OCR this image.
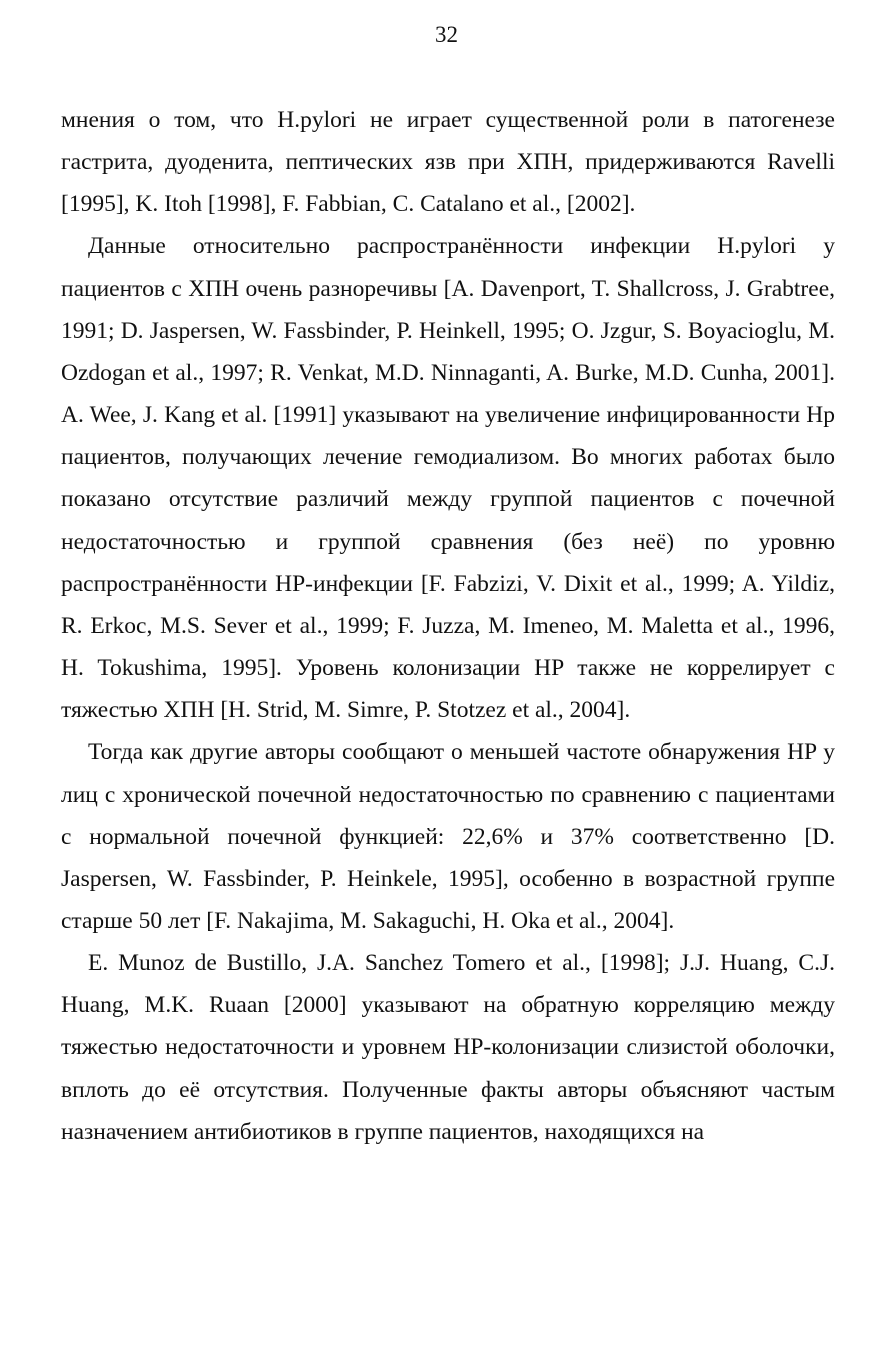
32

мнения о том, что H.pylori не играет существенной роли в патогенезе гастрита, дуоденита, пептических язв при ХПН, придерживаются Ravelli [1995], K. Itoh [1998], F. Fabbian, C. Catalano et al., [2002].

Данные относительно распространённости инфекции H.pylori у пациентов с ХПН очень разноречивы [A. Davenport, T. Shallcross, J. Grabtree, 1991; D. Jaspersen, W. Fassbinder, P. Heinkell, 1995; O. Jzgur, S. Boyacioglu, M. Ozdogan et al., 1997; R. Venkat, M.D. Ninnaganti, A. Burke, M.D. Cunha, 2001]. A. Wee, J. Kang et al. [1991] указывают на увеличение инфицированности Hp пациентов, получающих лечение гемодиализом. Во многих работах было показано отсутствие различий между группой пациентов с почечной недостаточностью и группой сравнения (без неё) по уровню распространённости HP-инфекции [F. Fabzizi, V. Dixit et al., 1999; A. Yildiz, R. Erkoc, M.S. Sever et al., 1999; F. Juzza, M. Imeneo, M. Maletta et al., 1996, H. Tokushima, 1995]. Уровень колонизации HP также не коррелирует с тяжестью ХПН [H. Strid, M. Simre, P. Stotzez et al., 2004].

Тогда как другие авторы сообщают о меньшей частоте обнаружения HP у лиц с хронической почечной недостаточностью по сравнению с пациентами с нормальной почечной функцией: 22,6% и 37% соответственно [D. Jaspersen, W. Fassbinder, P. Heinkele, 1995], особенно в возрастной группе старше 50 лет [F. Nakajima, M. Sakaguchi, H. Oka et al., 2004].

E. Munoz de Bustillo, J.A. Sanchez Tomero et al., [1998]; J.J. Huang, C.J. Huang, M.K. Ruaan [2000] указывают на обратную корреляцию между тяжестью недостаточности и уровнем HP-колонизации слизистой оболочки, вплоть до её отсутствия. Полученные факты авторы объясняют частым назначением антибиотиков в группе пациентов, находящихся на
